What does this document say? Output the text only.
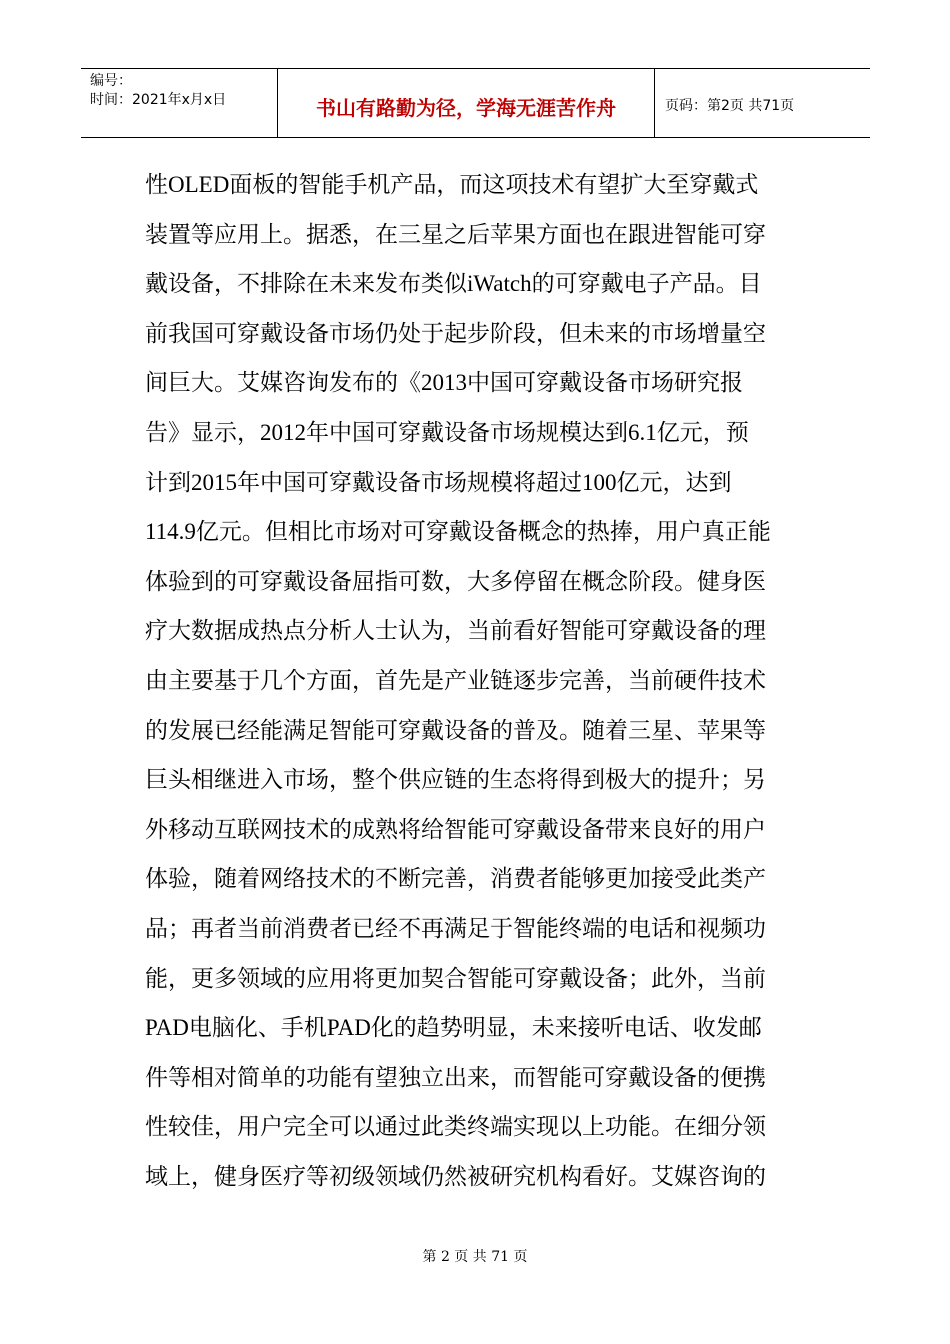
编号：
时间：2021年x月x日	书山有路勤为径，学海无涯苦作舟	页码：第2页 共71页
性OLED面板的智能手机产品，而这项技术有望扩大至穿戴式
装置等应用上。据悉，在三星之后苹果方面也在跟进智能可穿
戴设备，不排除在未来发布类似iWatch的可穿戴电子产品。目
前我国可穿戴设备市场仍处于起步阶段，但未来的市场增量空
间巨大。艾媒咨询发布的《2013中国可穿戴设备市场研究报
告》显示，2012年中国可穿戴设备市场规模达到6.1亿元，预
计到2015年中国可穿戴设备市场规模将超过100亿元，达到
114.9亿元。但相比市场对可穿戴设备概念的热捧，用户真正能
体验到的可穿戴设备屈指可数，大多停留在概念阶段。健身医
疗大数据成热点分析人士认为，当前看好智能可穿戴设备的理
由主要基于几个方面，首先是产业链逐步完善，当前硬件技术
的发展已经能满足智能可穿戴设备的普及。随着三星、苹果等
巨头相继进入市场，整个供应链的生态将得到极大的提升；另
外移动互联网技术的成熟将给智能可穿戴设备带来良好的用户
体验，随着网络技术的不断完善，消费者能够更加接受此类产
品；再者当前消费者已经不再满足于智能终端的电话和视频功
能，更多领域的应用将更加契合智能可穿戴设备；此外，当前
PAD电脑化、手机PAD化的趋势明显，未来接听电话、收发邮
件等相对简单的功能有望独立出来，而智能可穿戴设备的便携
性较佳，用户完全可以通过此类终端实现以上功能。在细分领
域上，健身医疗等初级领域仍然被研究机构看好。艾媒咨询的
第 2 页 共 71 页
